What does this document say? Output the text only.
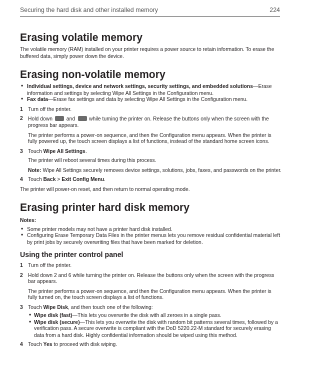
Securing the hard disk and other installed memory	224
Erasing volatile memory

The volatile memory (RAM) installed on your printer requires a power source to retain information. To erase the buffered data, simply power down the device.

Erasing non-volatile memory
• Individual settings, device and network settings, security settings, and embedded solutions—Erase information and settings by selecting Wipe All Settings in the Configuration menu.
• Fax data—Erase fax settings and data by selecting Wipe All Settings in the Configuration menu.
1 Turn off the printer.
2 Hold down	and	while turning the printer on. Release the buttons only when the screen with the progress bar appears.

The printer performs a power-on sequence, and then the Configuration menu appears. When the printer is fully powered up, the touch screen displays a list of functions, instead of the standard home screen icons.

3 Touch Wipe All Settings.

The printer will reboot several times during this process.

Note: Wipe All Settings securely removes device settings, solutions, jobs, faxes, and passwords on the printer.

4 Touch Back > Exit Config Menu.

The printer will power-on reset, and then return to normal operating mode.

Erasing printer hard disk memory

Notes:

• Some printer models may not have a printer hard disk installed.
• Configuring Erase Temporary Data Files in the printer menus lets you remove residual confidential material left by print jobs by securely overwriting files that have been marked for deletion.
Using the printer control panel
1 Turn off the printer.
2 Hold down 2 and 6 while turning the printer on. Release the buttons only when the screen with the progress bar appears.

The printer performs a power-on sequence, and then the Configuration menu appears. When the printer is fully turned on, the touch screen displays a list of functions.

3 Touch Wipe Disk, and then touch one of the following:
• Wipe disk (fast)—This lets you overwrite the disk with all zeroes in a single pass.
• Wipe disk (secure)—This lets you overwrite the disk with random bit patterns several times, followed by a verification pass. A secure overwrite is compliant with the DoD 5220.22-M standard for securely erasing data from a hard disk. Highly confidential information should be wiped using this method.
4 Touch Yes to proceed with disk wiping.
